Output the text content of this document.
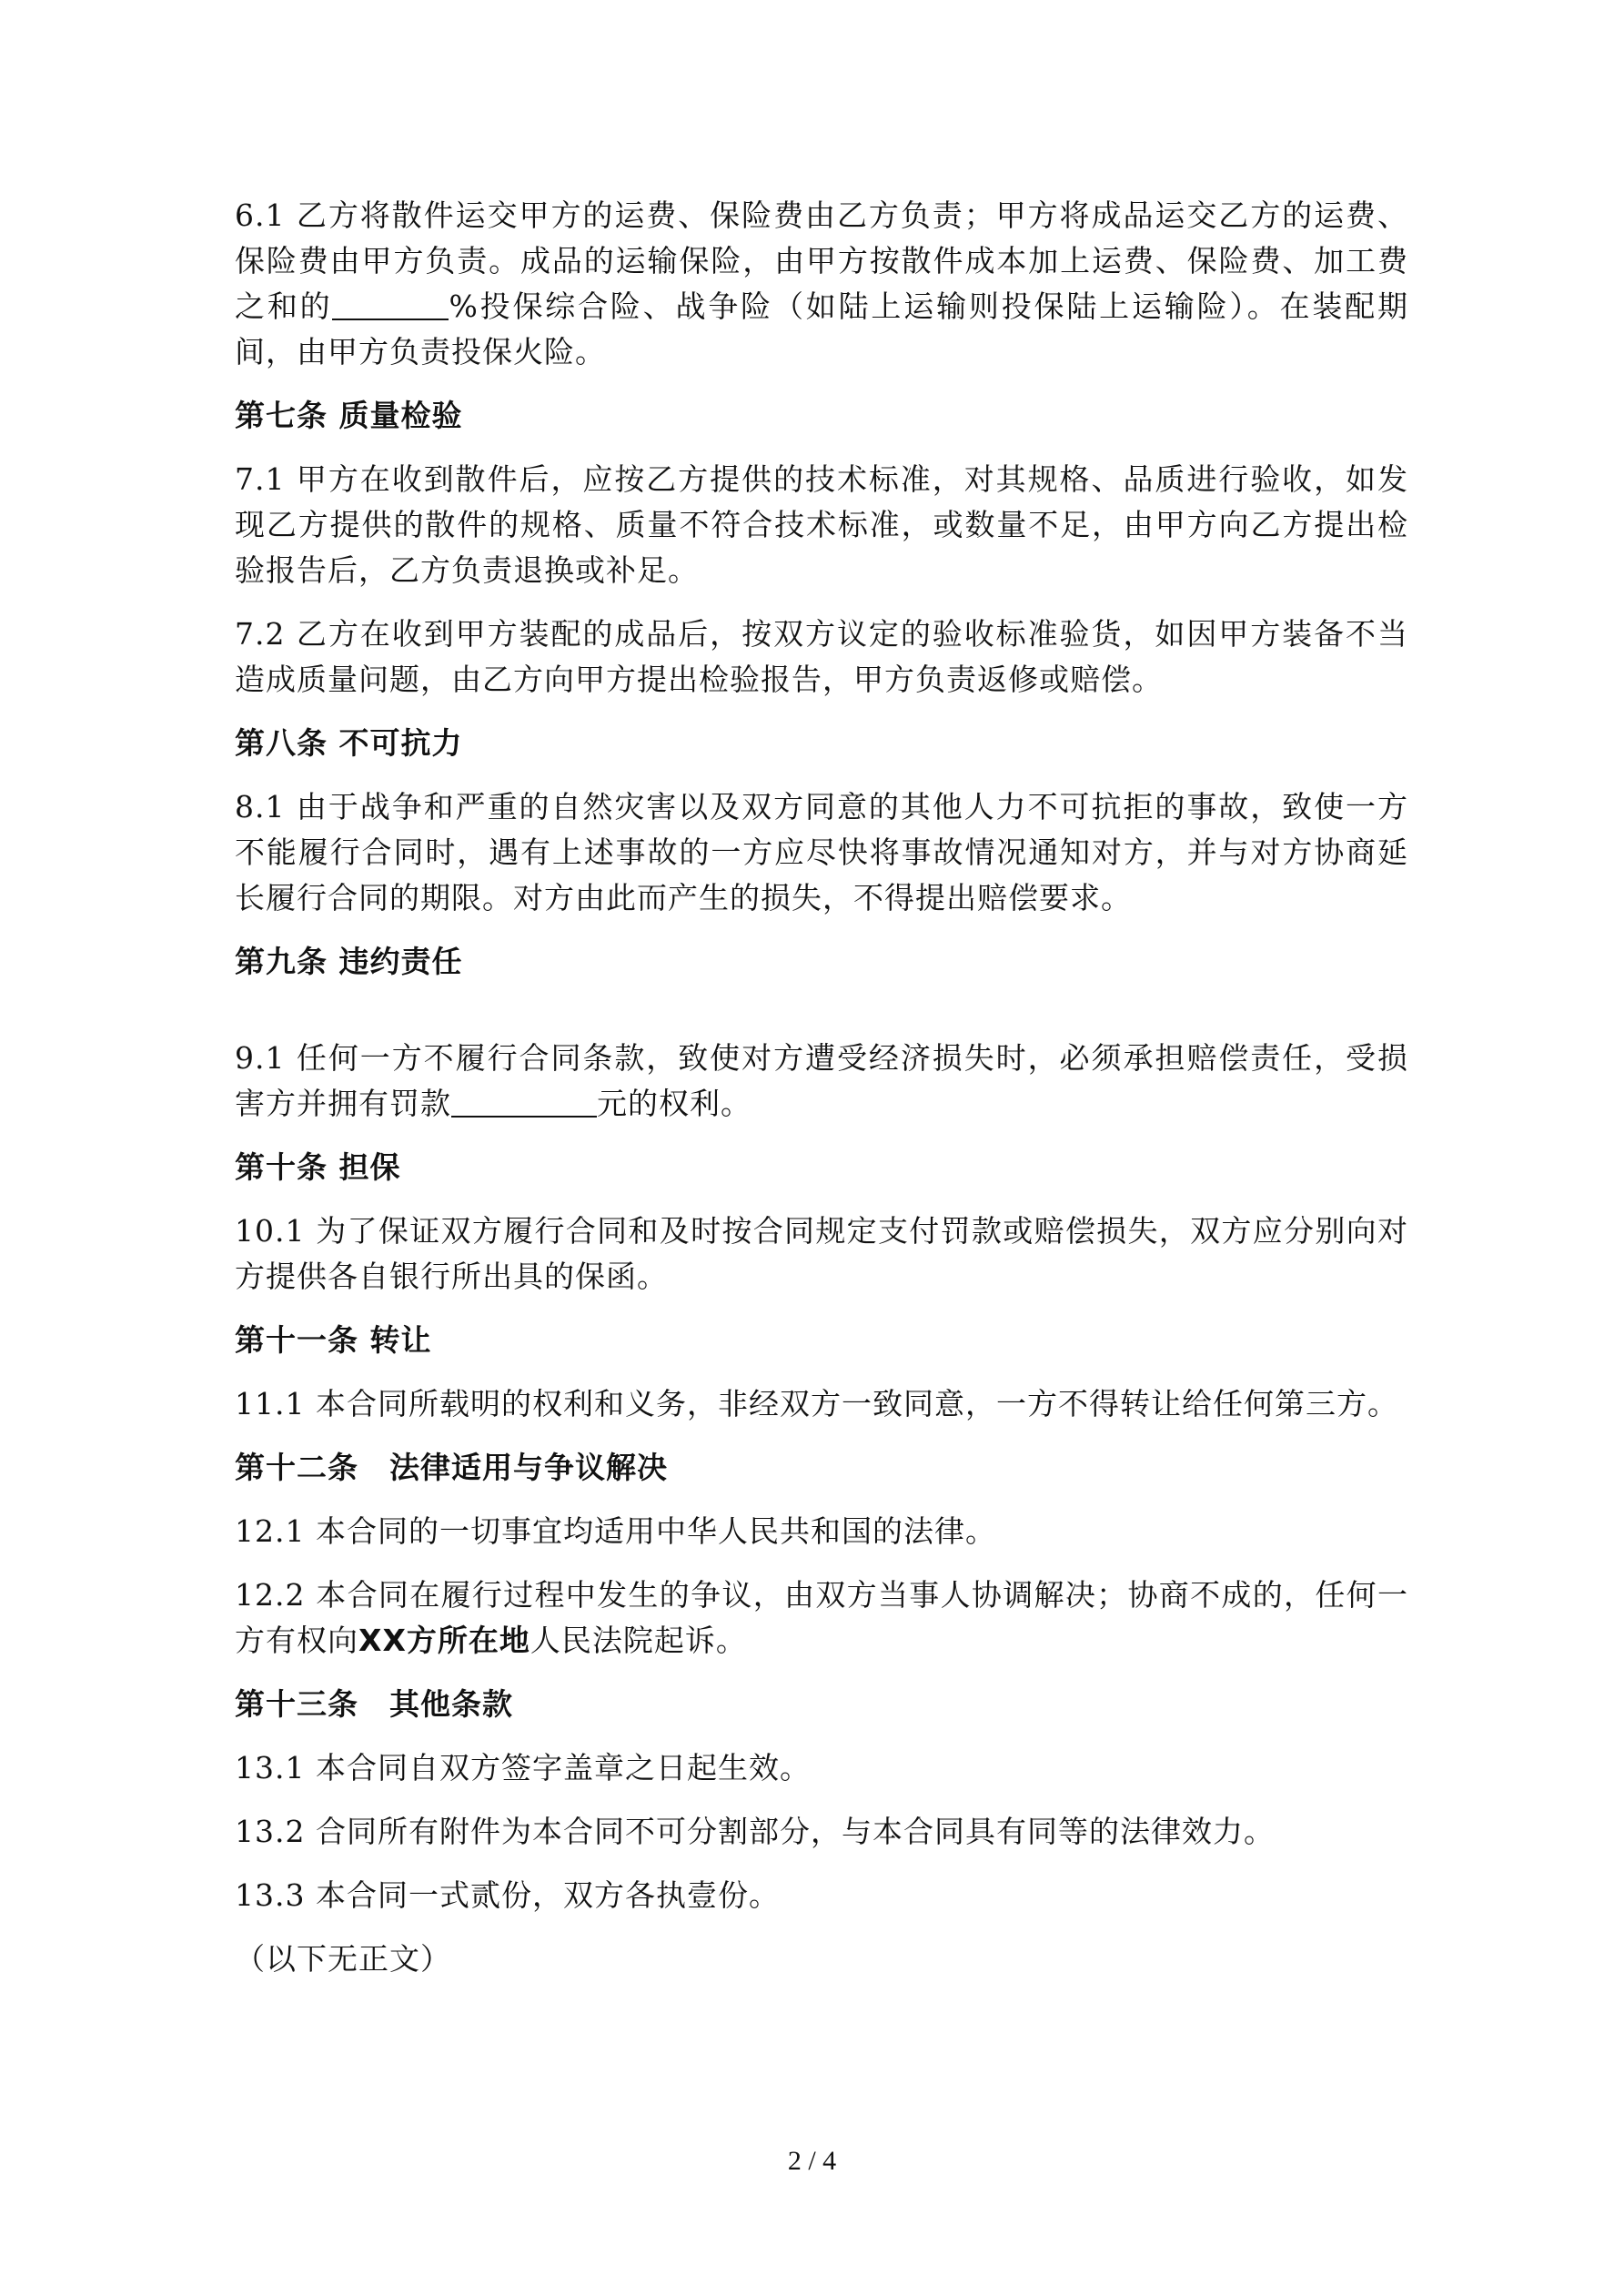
6.1 乙方将散件运交甲方的运费、保险费由乙方负责；甲方将成品运交乙方的运费、保险费由甲方负责。成品的运输保险，由甲方按散件成本加上运费、保险费、加工费之和的	%投保综合险、战争险（如陆上运输则投保陆上运输险）。在装配期间，由甲方负责投保火险。

第七条 质量检验

7.1 甲方在收到散件后，应按乙方提供的技术标准，对其规格、品质进行验收，如发现乙方提供的散件的规格、质量不符合技术标准，或数量不足，由甲方向乙方提出检验报告后，乙方负责退换或补足。

7.2 乙方在收到甲方装配的成品后，按双方议定的验收标准验货，如因甲方装备不当造成质量问题，由乙方向甲方提出检验报告，甲方负责返修或赔偿。

第八条 不可抗力

8.1 由于战争和严重的自然灾害以及双方同意的其他人力不可抗拒的事故，致使一方不能履行合同时，遇有上述事故的一方应尽快将事故情况通知对方，并与对方协商延长履行合同的期限。对方由此而产生的损失，不得提出赔偿要求。

第九条 违约责任

9.1 任何一方不履行合同条款，致使对方遭受经济损失时，必须承担赔偿责任，受损害方并拥有罚款	元的权利。

第十条 担保

10.1 为了保证双方履行合同和及时按合同规定支付罚款或赔偿损失，双方应分别向对方提供各自银行所出具的保函。

第十一条 转让

11.1 本合同所载明的权利和义务，非经双方一致同意，一方不得转让给任何第三方。

第十二条　法律适用与争议解决

12.1 本合同的一切事宜均适用中华人民共和国的法律。

12.2 本合同在履行过程中发生的争议，由双方当事人协调解决；协商不成的，任何一方有权向XX方所在地人民法院起诉。

第十三条　其他条款

13.1 本合同自双方签字盖章之日起生效。

13.2 合同所有附件为本合同不可分割部分，与本合同具有同等的法律效力。

13.3 本合同一式贰份，双方各执壹份。

（以下无正文）

2 / 4
